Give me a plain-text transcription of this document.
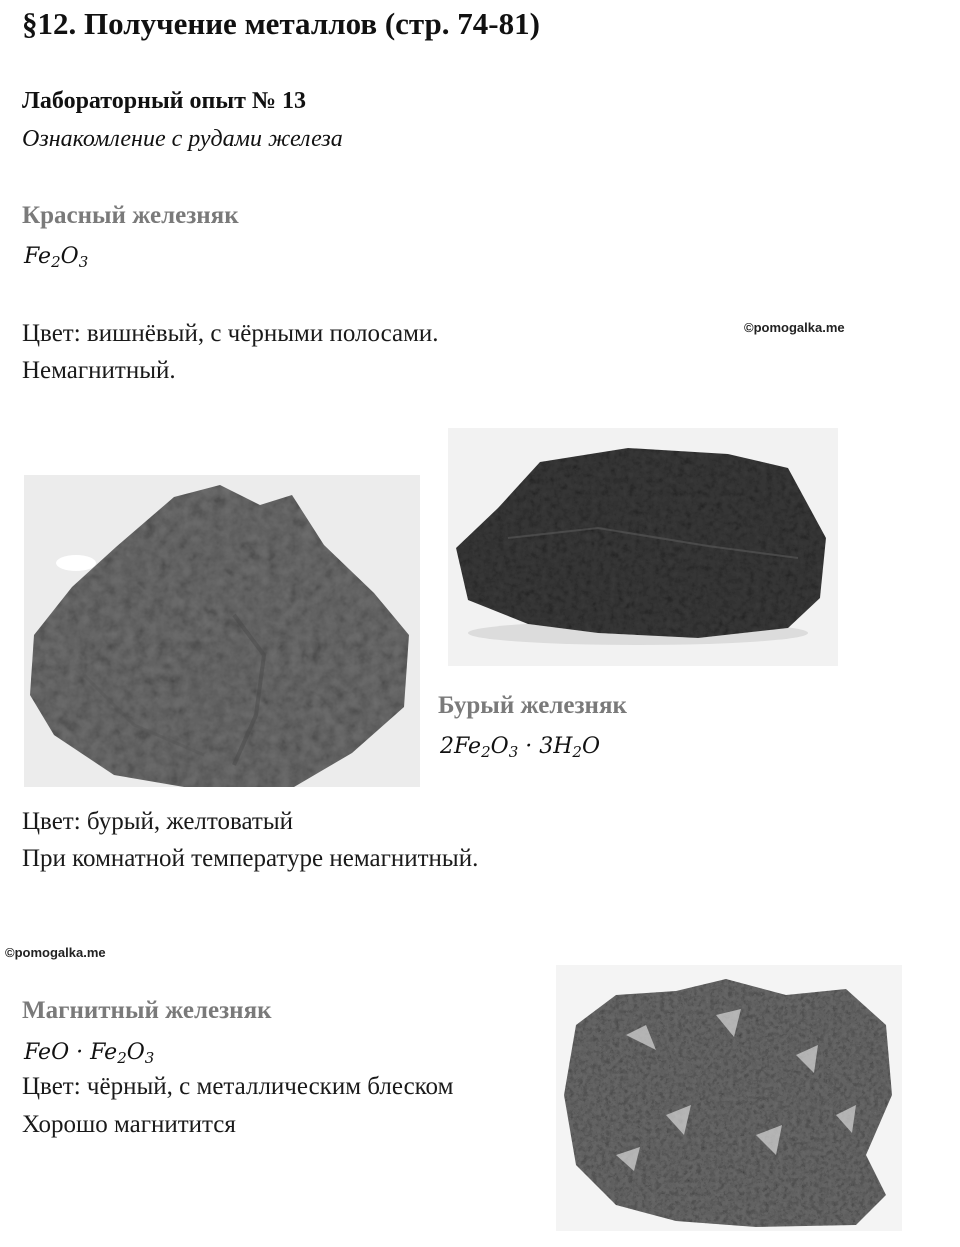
§12. Получение металлов (стр. 74-81)
Лабораторный опыт № 13
Ознакомление с рудами железа
Красный железняк
$Fe_2O_3$
Цвет: вишнёвый, с чёрными полосами.
Немагнитный.
©pomogalka.me
Бурый железняк
$2Fe_2O_3 \cdot 3H_2O$
Цвет: бурый, желтоватый
При комнатной температуре немагнитный.
©pomogalka.me
Магнитный железняк
FeO · $Fe_2O_3$
Цвет: чёрный, с металлическим блеском
Хорошо магнитится
